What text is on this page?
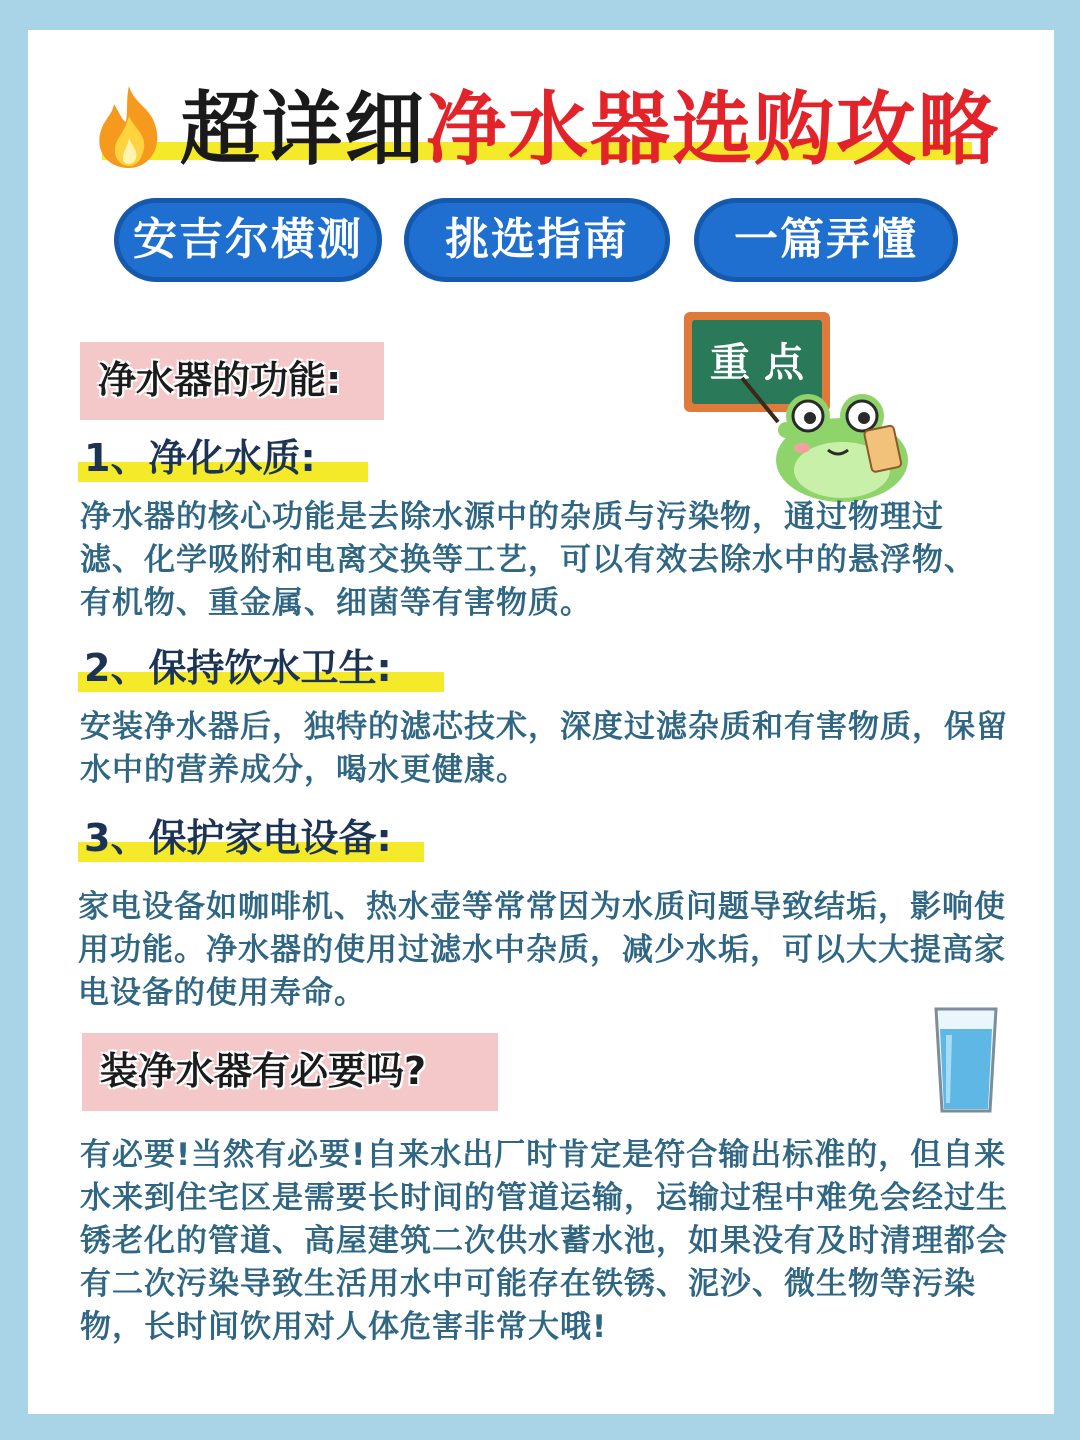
超详细净水器选购攻略
安吉尔横测	挑选指南	一篇弄懂
重 点
净水器的功能:
1、净化水质:
净水器的核心功能是去除水源中的杂质与污染物，通过物理过滤、化学吸附和电离交换等工艺，可以有效去除水中的悬浮物、有机物、重金属、细菌等有害物质。
2、保持饮水卫生:
安装净水器后，独特的滤芯技术，深度过滤杂质和有害物质，保留水中的营养成分，喝水更健康。
3、保护家电设备:
家电设备如咖啡机、热水壶等常常因为水质问题导致结垢，影响使用功能。净水器的使用过滤水中杂质，减少水垢，可以大大提高家电设备的使用寿命。
装净水器有必要吗?
有必要!当然有必要!自来水出厂时肯定是符合输出标准的，但自来水来到住宅区是需要长时间的管道运输，运输过程中难免会经过生锈老化的管道、高屋建筑二次供水蓄水池，如果没有及时清理都会有二次污染导致生活用水中可能存在铁锈、泥沙、微生物等污染物，长时间饮用对人体危害非常大哦!
